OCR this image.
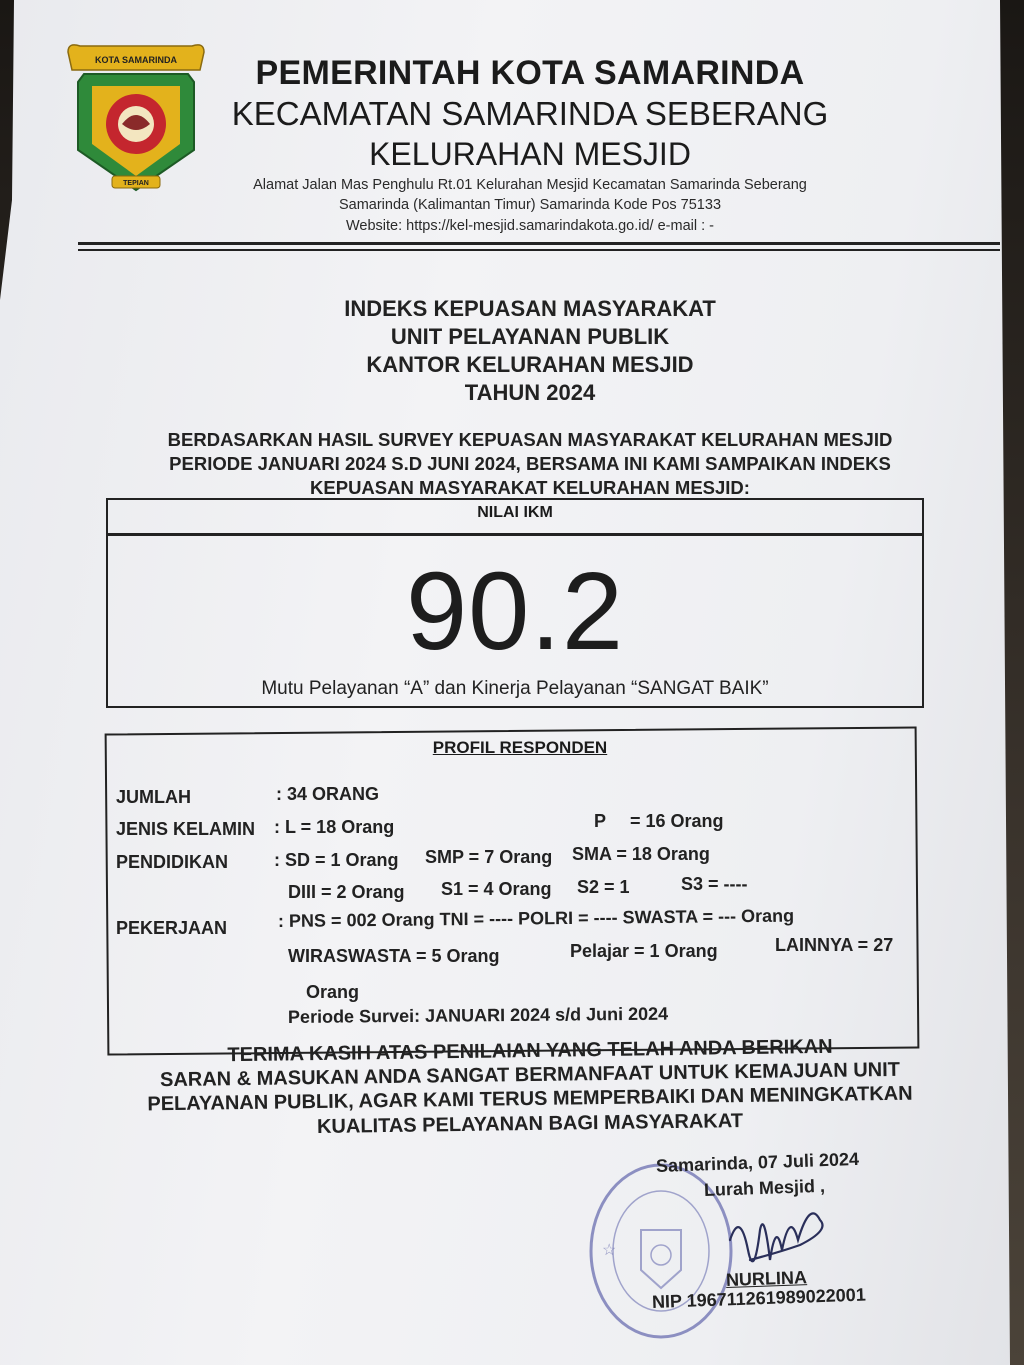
KOTA SAMARINDA
TEPIAN
PEMERINTAH KOTA SAMARINDA
KECAMATAN SAMARINDA SEBERANG
KELURAHAN MESJID
Alamat Jalan Mas Penghulu Rt.01 Kelurahan Mesjid Kecamatan Samarinda Seberang
Samarinda (Kalimantan Timur) Samarinda Kode Pos 75133
Website: https://kel-mesjid.samarindakota.go.id/ e-mail : -
INDEKS KEPUASAN MASYARAKAT
UNIT PELAYANAN PUBLIK
KANTOR KELURAHAN MESJID
TAHUN 2024
BERDASARKAN HASIL SURVEY KEPUASAN MASYARAKAT KELURAHAN MESJID
PERIODE JANUARI 2024 S.D JUNI 2024, BERSAMA INI KAMI SAMPAIKAN INDEKS
KEPUASAN MASYARAKAT KELURAHAN MESJID:
NILAI IKM
90.2
Mutu Pelayanan “A” dan Kinerja Pelayanan “SANGAT BAIK”
PROFIL RESPONDEN
JUMLAH	: 34 ORANG
JENIS KELAMIN : L = 18 Orang	P = 16 Orang
PENDIDIKAN	: SD = 1 Orang SMP = 7 Orang SMA = 18 Orang
DIII = 2 Orang S1 = 4 Orang S2 = 1	S3 = ----
PEKERJAAN	: PNS = 002 Orang TNI = ---- POLRI = ---- SWASTA = --- Orang
WIRASWASTA = 5 Orang	Pelajar = 1 Orang	LAINNYA = 27
Orang
Periode Survei: JANUARI 2024 s/d Juni 2024
TERIMA KASIH ATAS PENILAIAN YANG TELAH ANDA BERIKAN
SARAN & MASUKAN ANDA SANGAT BERMANFAAT UNTUK KEMAJUAN UNIT
PELAYANAN PUBLIK, AGAR KAMI TERUS MEMPERBAIKI DAN MENINGKATKAN
KUALITAS PELAYANAN BAGI MASYARAKAT
☆
Samarinda, 07 Juli 2024
Lurah Mesjid ,
NURLINA
NIP 196711261989022001
